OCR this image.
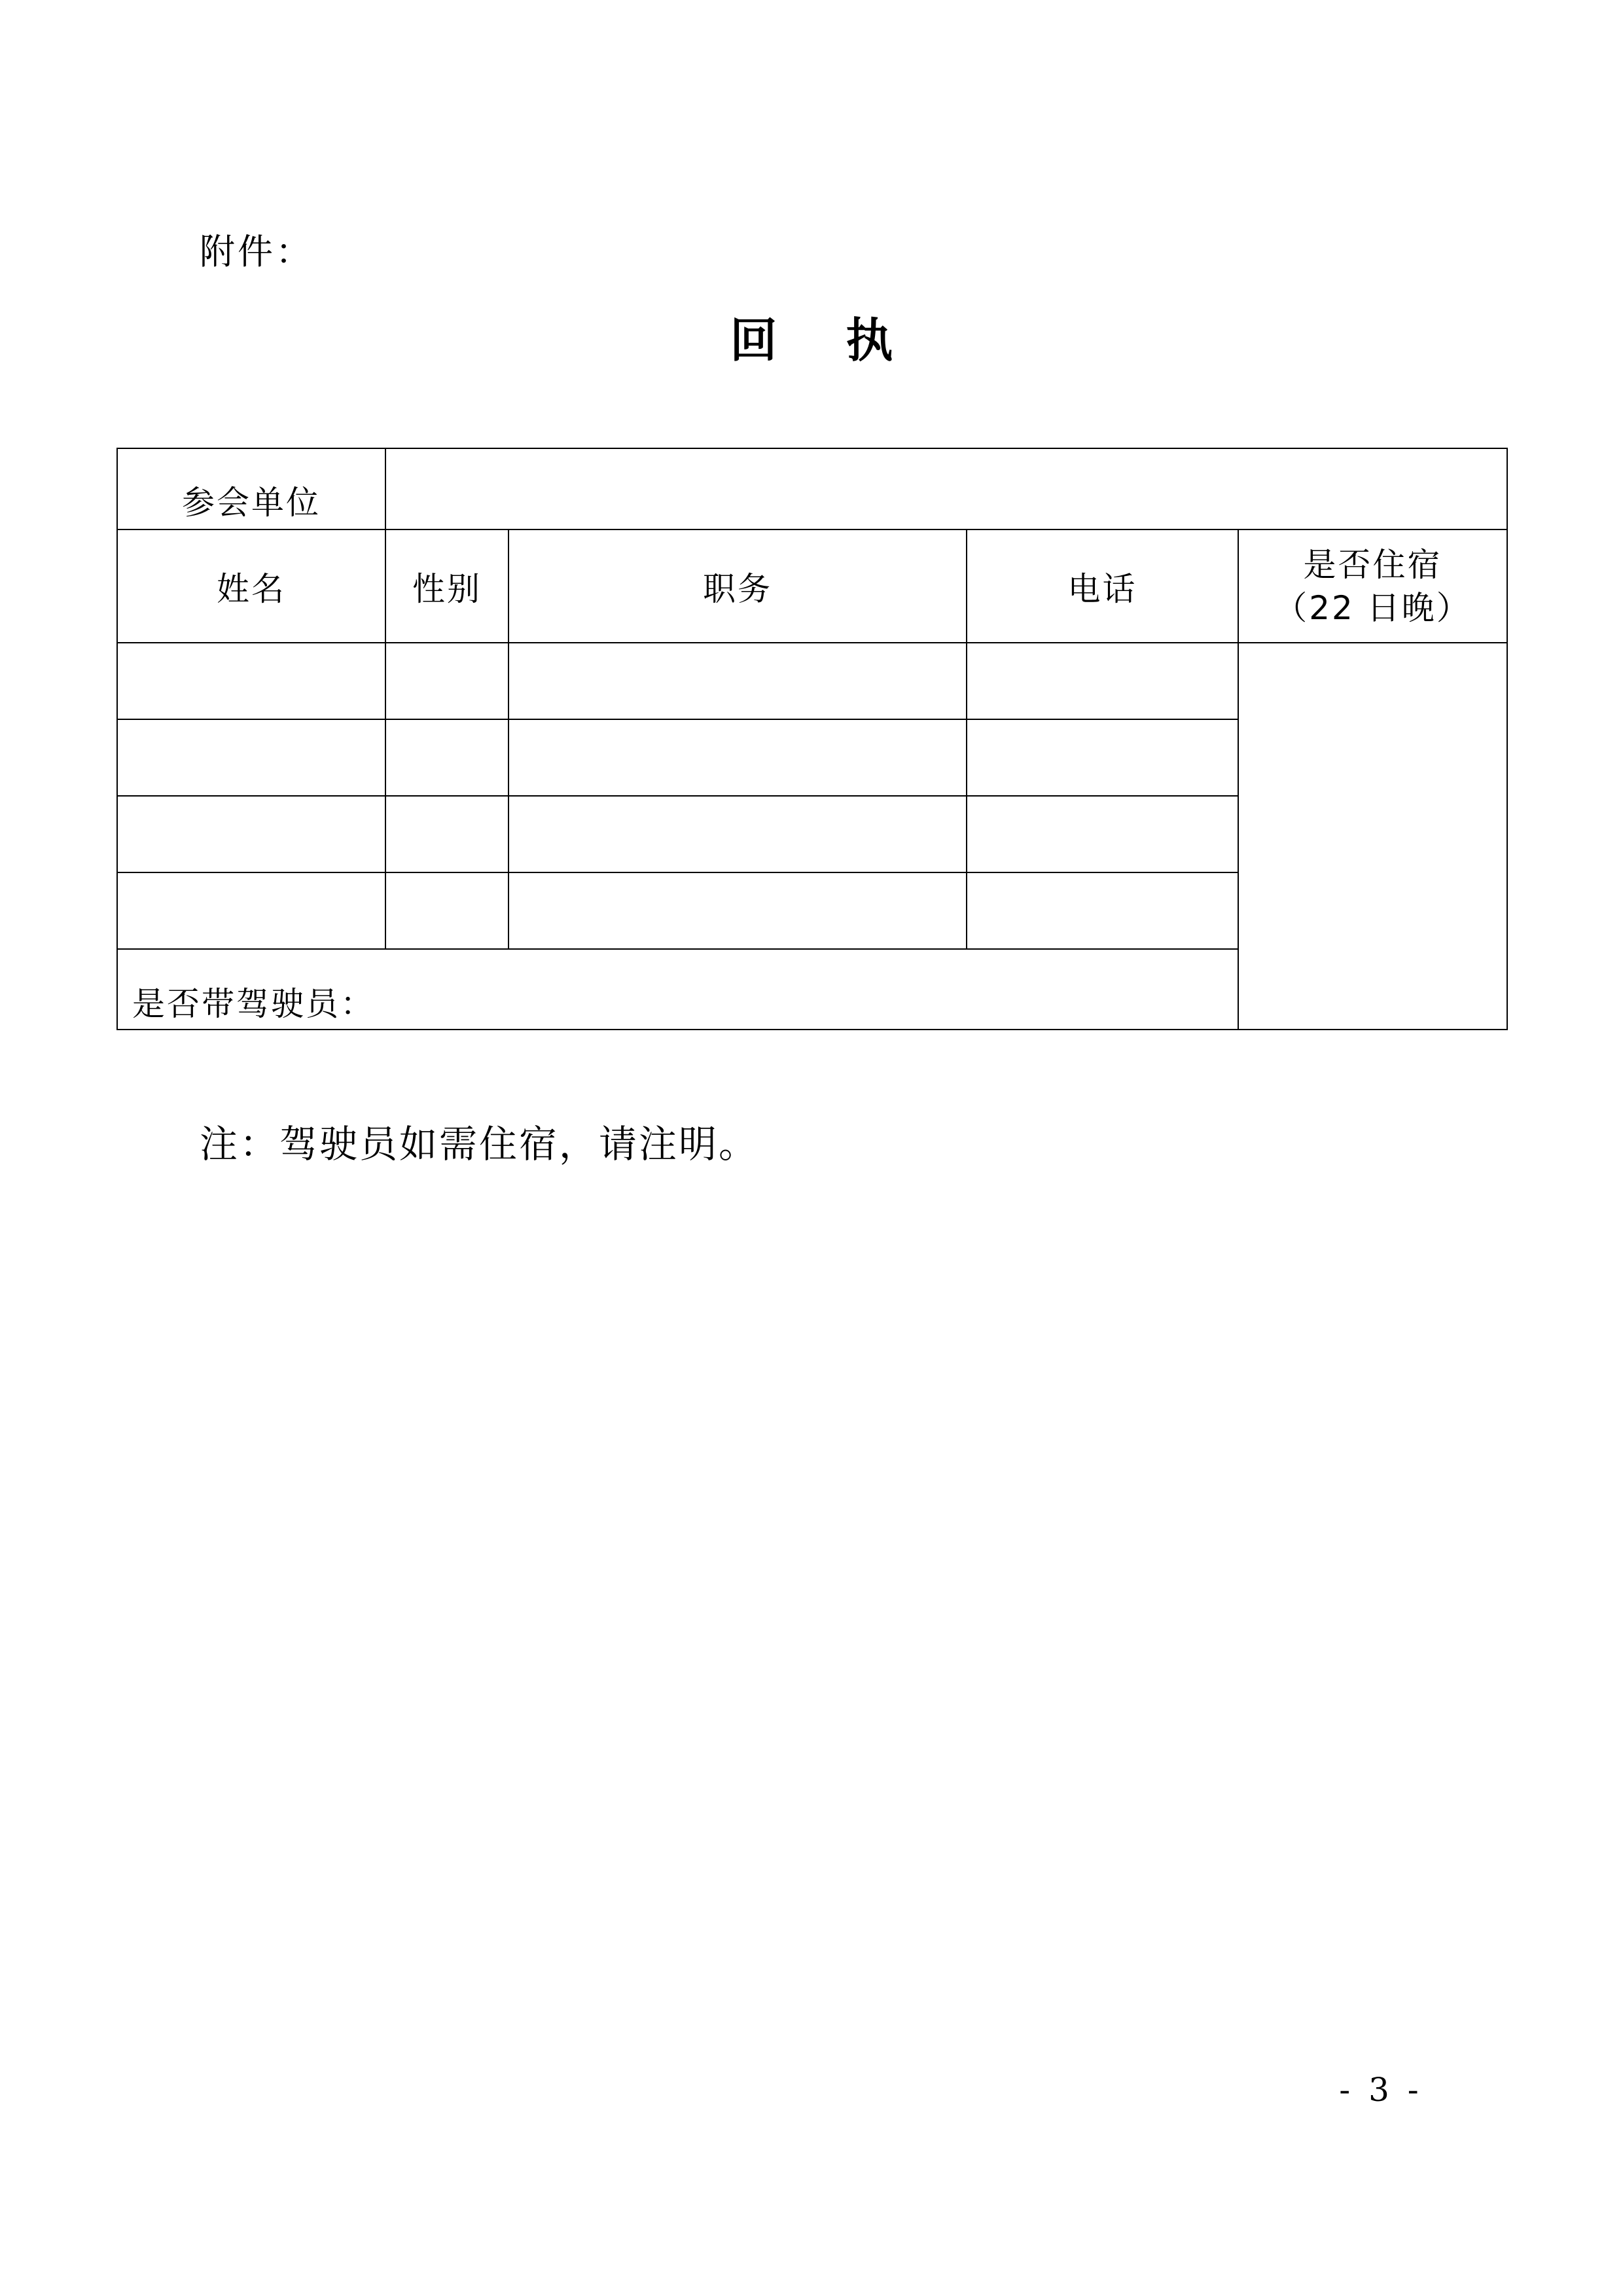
附件：
回 执
参会单位				
姓名	性别	职务	电话	是否住宿
（22 日晚）

是否带驾驶员：				
注：驾驶员如需住宿，请注明。
- 3 -
